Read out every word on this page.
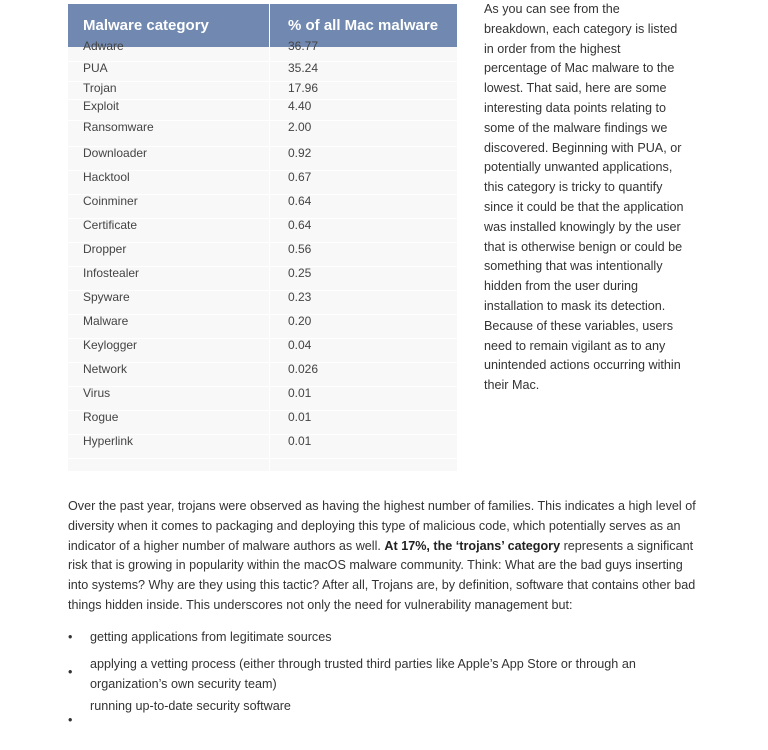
Malware category	% of all Mac malware
Adware	36.77
PUA	35.24
Trojan	17.96
Exploit	4.40
Ransomware	2.00
Downloader	0.92
Hacktool	0.67
Coinminer	0.64
Certificate	0.64
Dropper	0.56
Infostealer	0.25
Spyware	0.23
Malware	0.20
Keylogger	0.04
Network	0.026
Virus	0.01
Rogue	0.01
Hyperlink	0.01
As you can see from the breakdown, each category is listed in order from the highest percentage of Mac malware to the lowest. That said, here are some interesting data points relating to some of the malware findings we discovered. Beginning with PUA, or potentially unwanted applications, this category is tricky to quantify since it could be that the application was installed knowingly by the user that is otherwise benign or could be something that was intentionally hidden from the user during installation to mask its detection. Because of these variables, users need to remain vigilant as to any unintended actions occurring within their Mac.
Over the past year, trojans were observed as having the highest number of families. This indicates a high level of diversity when it comes to packaging and deploying this type of malicious code, which potentially serves as an indicator of a higher number of malware authors as well. At 17%, the ‘trojans’ category represents a significant risk that is growing in popularity within the macOS malware community. Think: What are the bad guys inserting into systems? Why are they using this tactic? After all, Trojans are, by definition, software that contains other bad things hidden inside. This underscores not only the need for vulnerability management but:
• getting applications from legitimate sources
•
applying a vetting process (either through trusted third parties like Apple’s App Store or through an organization’s own security team)
•
running up-to-date security software
